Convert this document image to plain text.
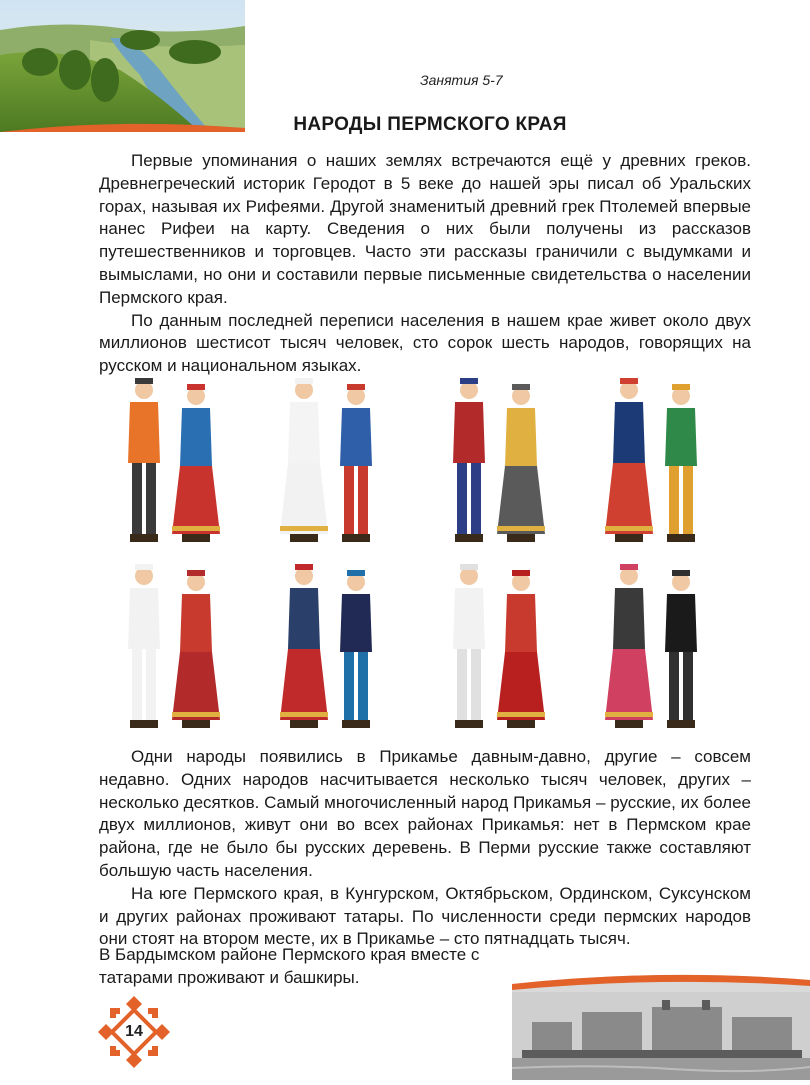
Занятия 5-7
НАРОДЫ ПЕРМСКОГО КРАЯ

Первые упоминания о наших землях встречаются ещё у древних греков. Древнегреческий историк Геродот в 5 веке до нашей эры писал об Уральских горах, называя их Рифеями. Другой знаменитый древний грек Птолемей впервые нанес Рифеи на карту. Сведения о них были получены из рассказов путешественников и торговцев. Часто эти рассказы граничили с выдумками и вымыслами, но они и составили первые письменные свидетельства о населении Пермского края.

По данным последней переписи населения в нашем крае живет около двух миллионов шестисот тысяч человек, сто сорок шесть народов, говорящих на русском и национальном языках.

Одни народы появились в Прикамье давным-давно, другие – совсем недавно. Одних народов насчитывается несколько тысяч человек, других – несколько десятков. Самый многочисленный народ Прикамья – русские, их более двух миллионов, живут они во всех районах Прикамья: нет в Пермском крае района, где не было бы русских деревень. В Перми русские также составляют большую часть населения.

На юге Пермского края, в Кунгурском, Октябрьском, Ординском, Суксунском и других районах проживают татары. По численности среди пермских народов они стоят на втором месте, их в Прикамье – сто пятнадцать тысяч.

В Бардымском районе Пермского края вместе с
татарами проживают и башкиры.
14
